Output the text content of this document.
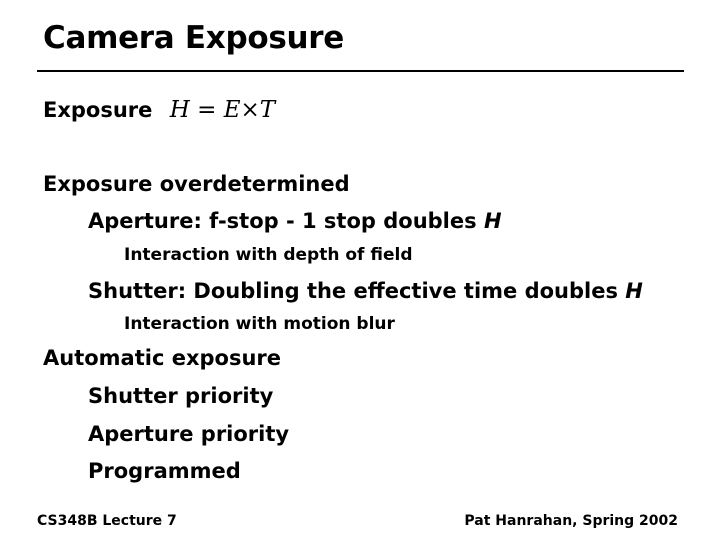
Camera Exposure
Exposure H = E×T
Exposure overdetermined
Aperture: f-stop - 1 stop doubles H
Interaction with depth of field
Shutter: Doubling the effective time doubles H
Interaction with motion blur
Automatic exposure
Shutter priority
Aperture priority
Programmed
CS348B Lecture 7	Pat Hanrahan, Spring 2002
